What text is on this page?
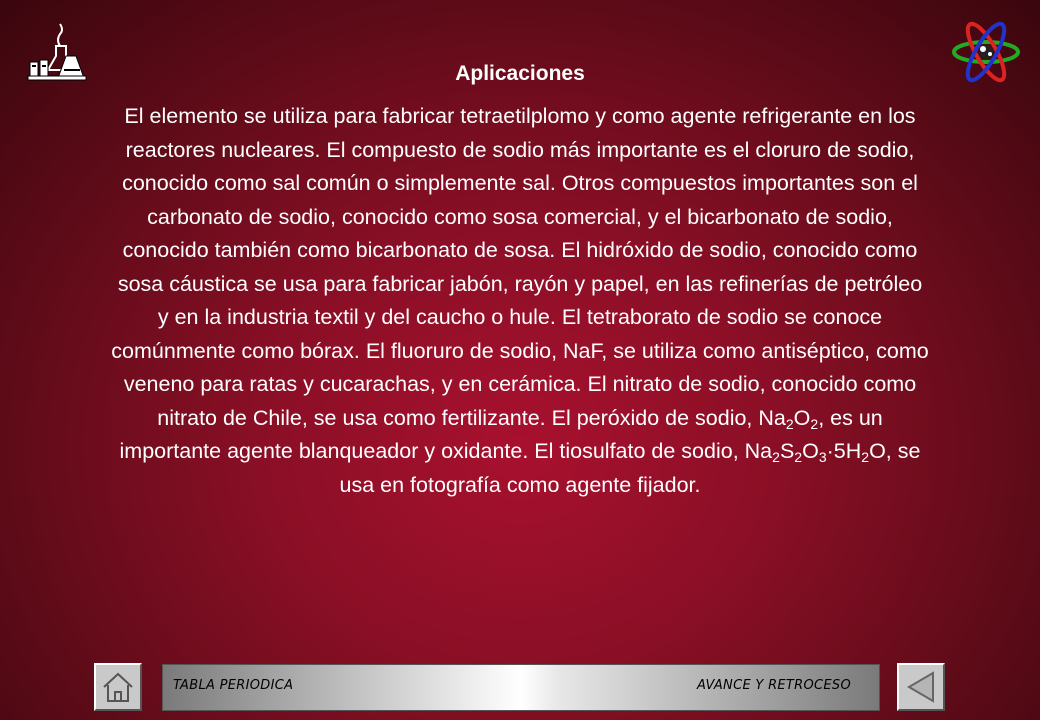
Aplicaciones
El elemento se utiliza para fabricar tetraetilplomo y como agente refrigerante en los reactores nucleares. El compuesto de sodio más importante es el cloruro de sodio, conocido como sal común o simplemente sal. Otros compuestos importantes son el carbonato de sodio, conocido como sosa comercial, y el bicarbonato de sodio, conocido también como bicarbonato de sosa. El hidróxido de sodio, conocido como sosa cáustica se usa para fabricar jabón, rayón y papel, en las refinerías de petróleo y en la industria textil y del caucho o hule. El tetraborato de sodio se conoce comúnmente como bórax. El fluoruro de sodio, NaF, se utiliza como antiséptico, como veneno para ratas y cucarachas, y en cerámica. El nitrato de sodio, conocido como nitrato de Chile, se usa como fertilizante. El peróxido de sodio, $Na_2O_2$, es un importante agente blanqueador y oxidante. El tiosulfato de sodio, $Na_2S_2O_3\cdot 5H_2O$, se usa en fotografía como agente fijador.
TABLA PERIODICA	AVANCE Y RETROCESO
